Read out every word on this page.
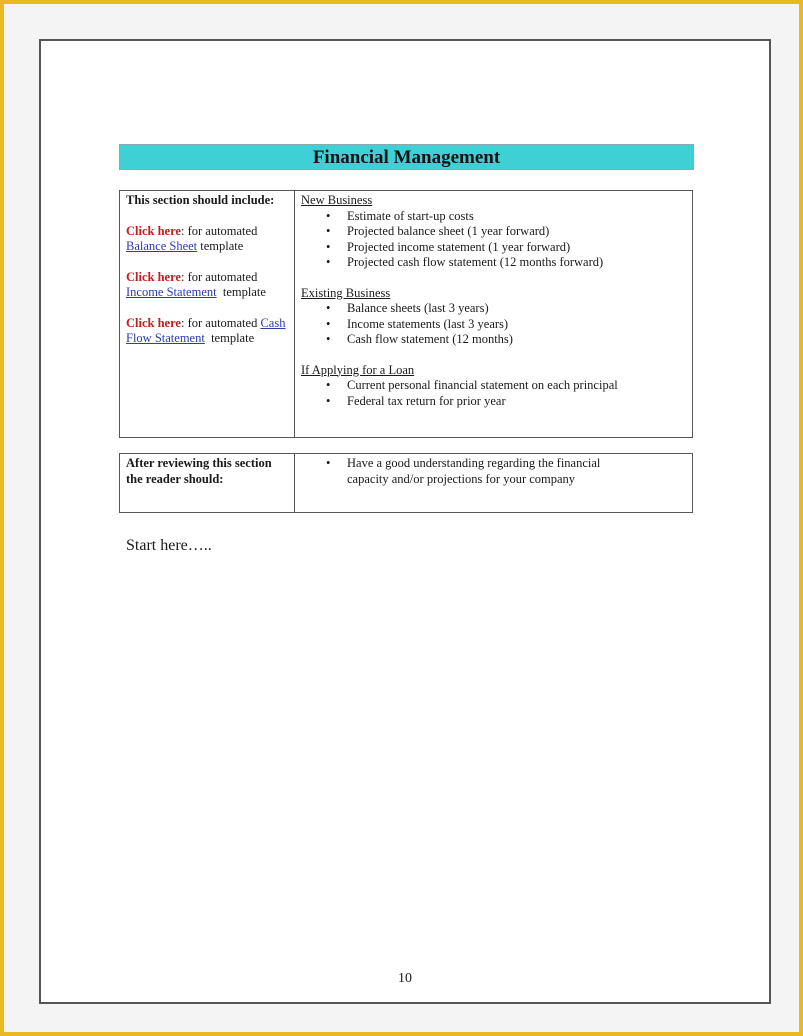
Financial Management
This section should include:
Click here: for automated Balance Sheet template
Click here: for automated Income Statement  template
Click here: for automated Cash Flow Statement  template

New Business
• Estimate of start-up costs
• Projected balance sheet (1 year forward)
• Projected income statement (1 year forward)
• Projected cash flow statement (12 months forward)
Existing Business
• Balance sheets (last 3 years)
• Income statements (last 3 years)
• Cash flow statement (12 months)
If Applying for a Loan
• Current personal financial statement on each principal
• Federal tax return for prior year
After reviewing this section the reader should:

• Have a good understanding regarding the financial capacity and/or projections for your company
Start here…..
10
